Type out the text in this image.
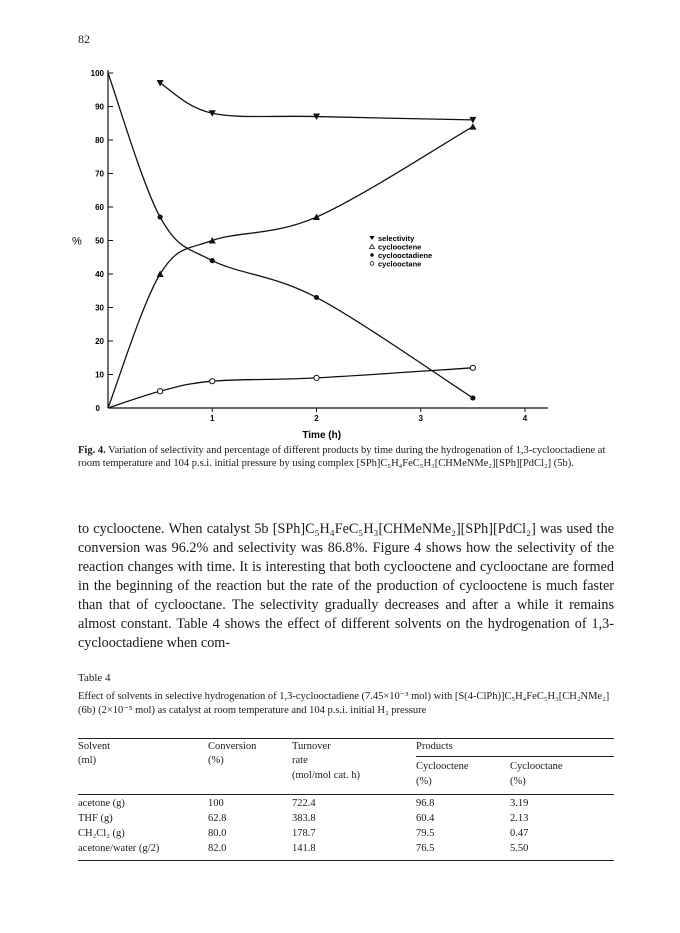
82
10
20
30
40
50
60
70
80
90
100
0
1	2	3	4
%
Time (h)
selectivity
cyclooctene
cyclooctadiene
cyclooctane
Fig. 4. Variation of selectivity and percentage of different products by time during the hydrogenation of 1,3-cyclooctadiene at room temperature and 104 p.s.i. initial pressure by using complex [SPh]C₅H₄FeC₅H₃[CHMeNMe₂][SPh][PdCl₂] (5b).
to cyclooctene. When catalyst 5b [SPh]C₅H₄FeC₅H₃[CHMeNMe₂][SPh][PdCl₂] was used the conversion was 96.2% and selectivity was 86.8%. Figure 4 shows how the selectivity of the reaction changes with time. It is interesting that both cyclooctene and cyclooctane are formed in the beginning of the reaction but the rate of the production of cyclooctene is much faster than that of cyclooctane. The selectivity gradually decreases and after a while it remains almost constant. Table 4 shows the effect of different solvents on the hydrogenation of 1,3-cyclooctadiene when com-
Table 4
Effect of solvents in selective hydrogenation of 1,3-cyclooctadiene (7.45×10⁻³ mol) with [S(4-ClPh)]C₅H₄FeC₅H₃[CH₂NMe₂] (6b) (2×10⁻⁵ mol) as catalyst at room temperature and 104 p.s.i. initial H₂ pressure
Solvent
(ml)
Conversion
(%)
Turnover
rate
(mol/mol cat. h)
Products
Cyclooctene
(%)
Cyclooctane
(%)
acetone (g)	100	722.4	96.8	3.19
THF (g)	62.8	383.8	60.4	2.13
CH₂Cl₂ (g)	80.0	178.7	79.5	0.47
acetone/water (g/2)	82.0	141.8	76.5	5.50
